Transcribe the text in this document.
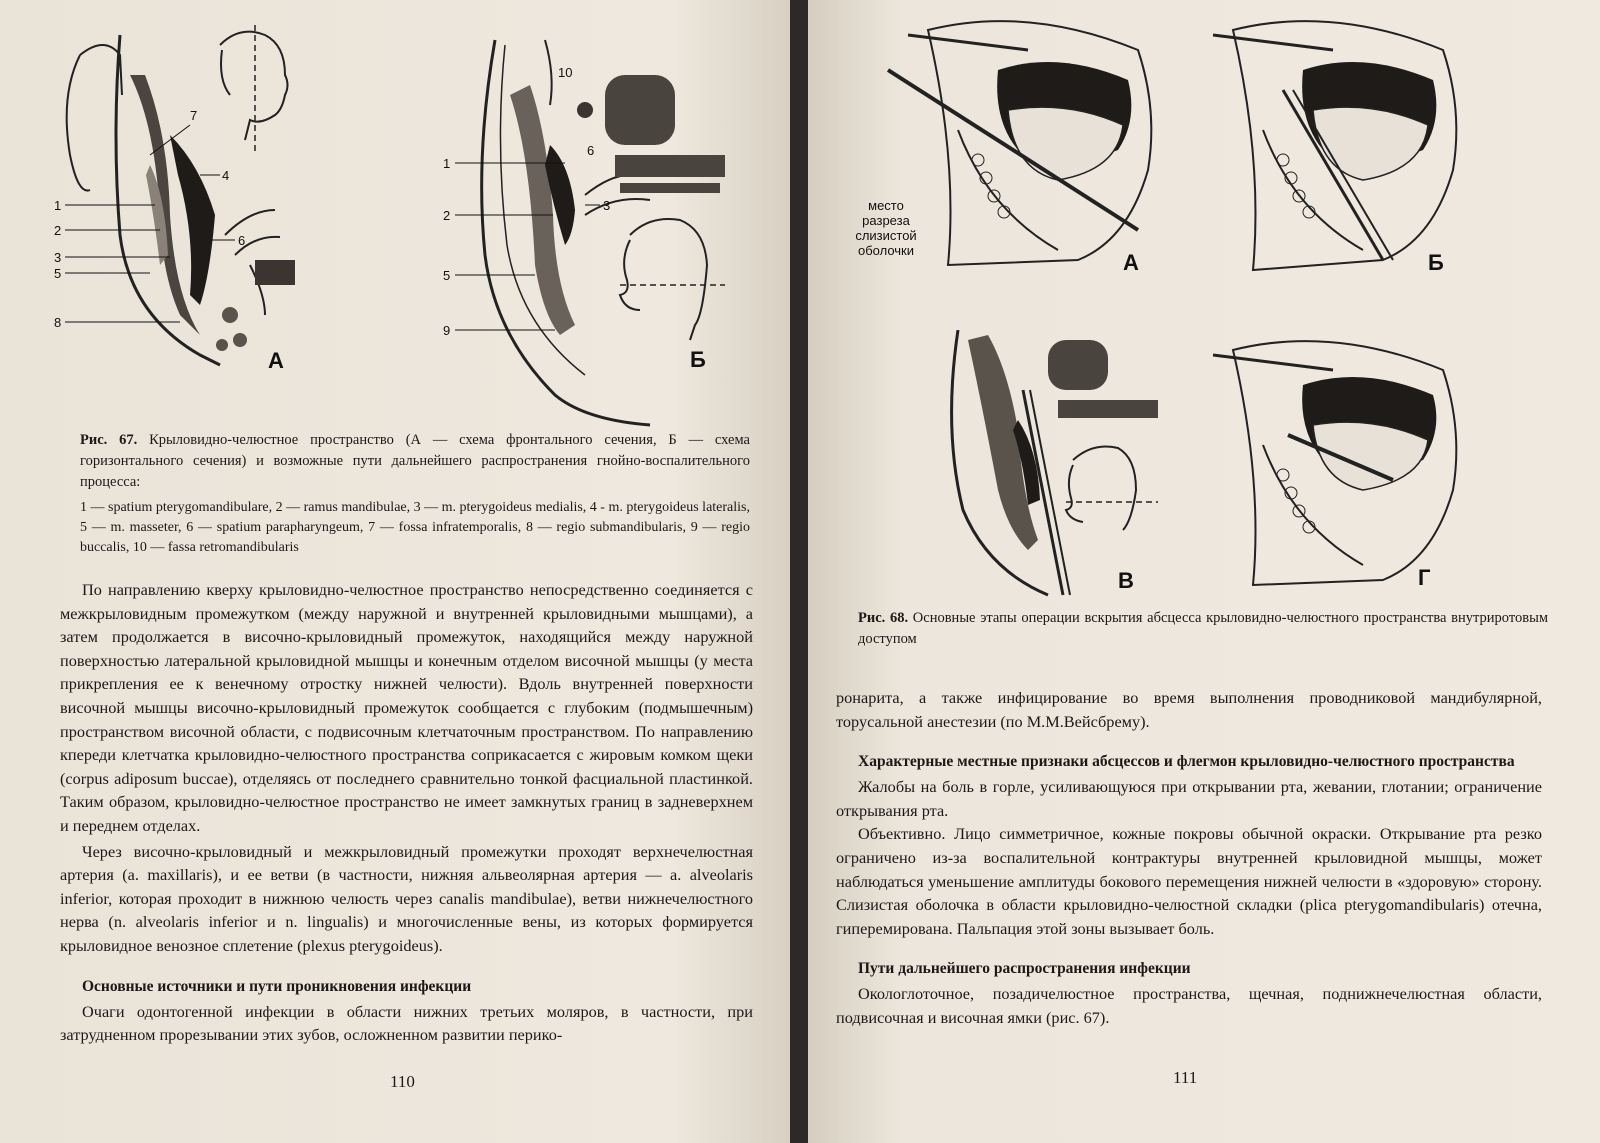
7
4
1
2
3
5
6
8
А
10
6
1
2
3
5
9
Б
Рис. 67. Крыловидно-челюстное пространство (А — схема фронтального сечения, Б — схема горизонтального сечения) и возможные пути дальнейшего распространения гнойно-воспалительного процесса:
1 — spatium pterygomandibulare, 2 — ramus mandibulae, 3 — m. pterygoideus medialis, 4 - m. pterygoideus lateralis, 5 — m. masseter, 6 — spatium parapharyngeum, 7 — fossa infratemporalis, 8 — regio submandibularis, 9 — regio buccalis, 10 — fassa retromandibularis

По направлению кверху крыловидно-челюстное пространство непосредственно соединяется с межкрыловидным промежутком (между наружной и внутренней крыловидными мышцами), а затем продолжается в височно-крыловидный промежуток, находящийся между наружной поверхностью латеральной крыловидной мышцы и конечным отделом височной мышцы (у места прикрепления ее к венечному отростку нижней челюсти). Вдоль внутренней поверхности височной мышцы височно-крыловидный промежуток сообщается с глубоким (подмышечным) пространством височной области, с подвисочным клетчаточным пространством. По направлению кпереди клетчатка крыловидно-челюстного пространства соприкасается с жировым комком щеки (corpus adiposum buccae), отделяясь от последнего сравнительно тонкой фасциальной пластинкой. Таким образом, крыловидно-челюстное пространство не имеет замкнутых границ в задневерхнем и переднем отделах.

Через височно-крыловидный и межкрыловидный промежутки проходят верхнечелюстная артерия (a. maxillaris), и ее ветви (в частности, нижняя альвеолярная артерия — a. alveolaris inferior, которая проходит в нижнюю челюсть через canalis mandibulae), ветви нижнечелюстного нерва (n. alveolaris inferior и n. lingualis) и многочисленные вены, из которых формируется крыловидное венозное сплетение (plexus pterygoideus).

Основные источники и пути проникновения инфекции

Очаги одонтогенной инфекции в области нижних третьих моляров, в частности, при затрудненном прорезывании этих зубов, осложненном развитии перико-

110
место
разреза
слизистой
оболочки	А	Б
В	Г
Рис. 68. Основные этапы операции вскрытия абсцесса крыловидно-челюстного пространства внутриротовым доступом

ронарита, а также инфицирование во время выполнения проводниковой мандибулярной, торусальной анестезии (по М.М.Вейсбрему).

Характерные местные признаки абсцессов и флегмон крыловидно-челюстного пространства

Жалобы на боль в горле, усиливающуюся при открывании рта, жевании, глотании; ограничение открывания рта.

Объективно. Лицо симметричное, кожные покровы обычной окраски. Открывание рта резко ограничено из-за воспалительной контрактуры внутренней крыловидной мышцы, может наблюдаться уменьшение амплитуды бокового перемещения нижней челюсти в «здоровую» сторону. Слизистая оболочка в области крыловидно-челюстной складки (plica pterygomandibularis) отечна, гиперемирована. Пальпация этой зоны вызывает боль.

Пути дальнейшего распространения инфекции

Окологлоточное, позадичелюстное пространства, щечная, поднижнечелюстная области, подвисочная и височная ямки (рис. 67).

111
